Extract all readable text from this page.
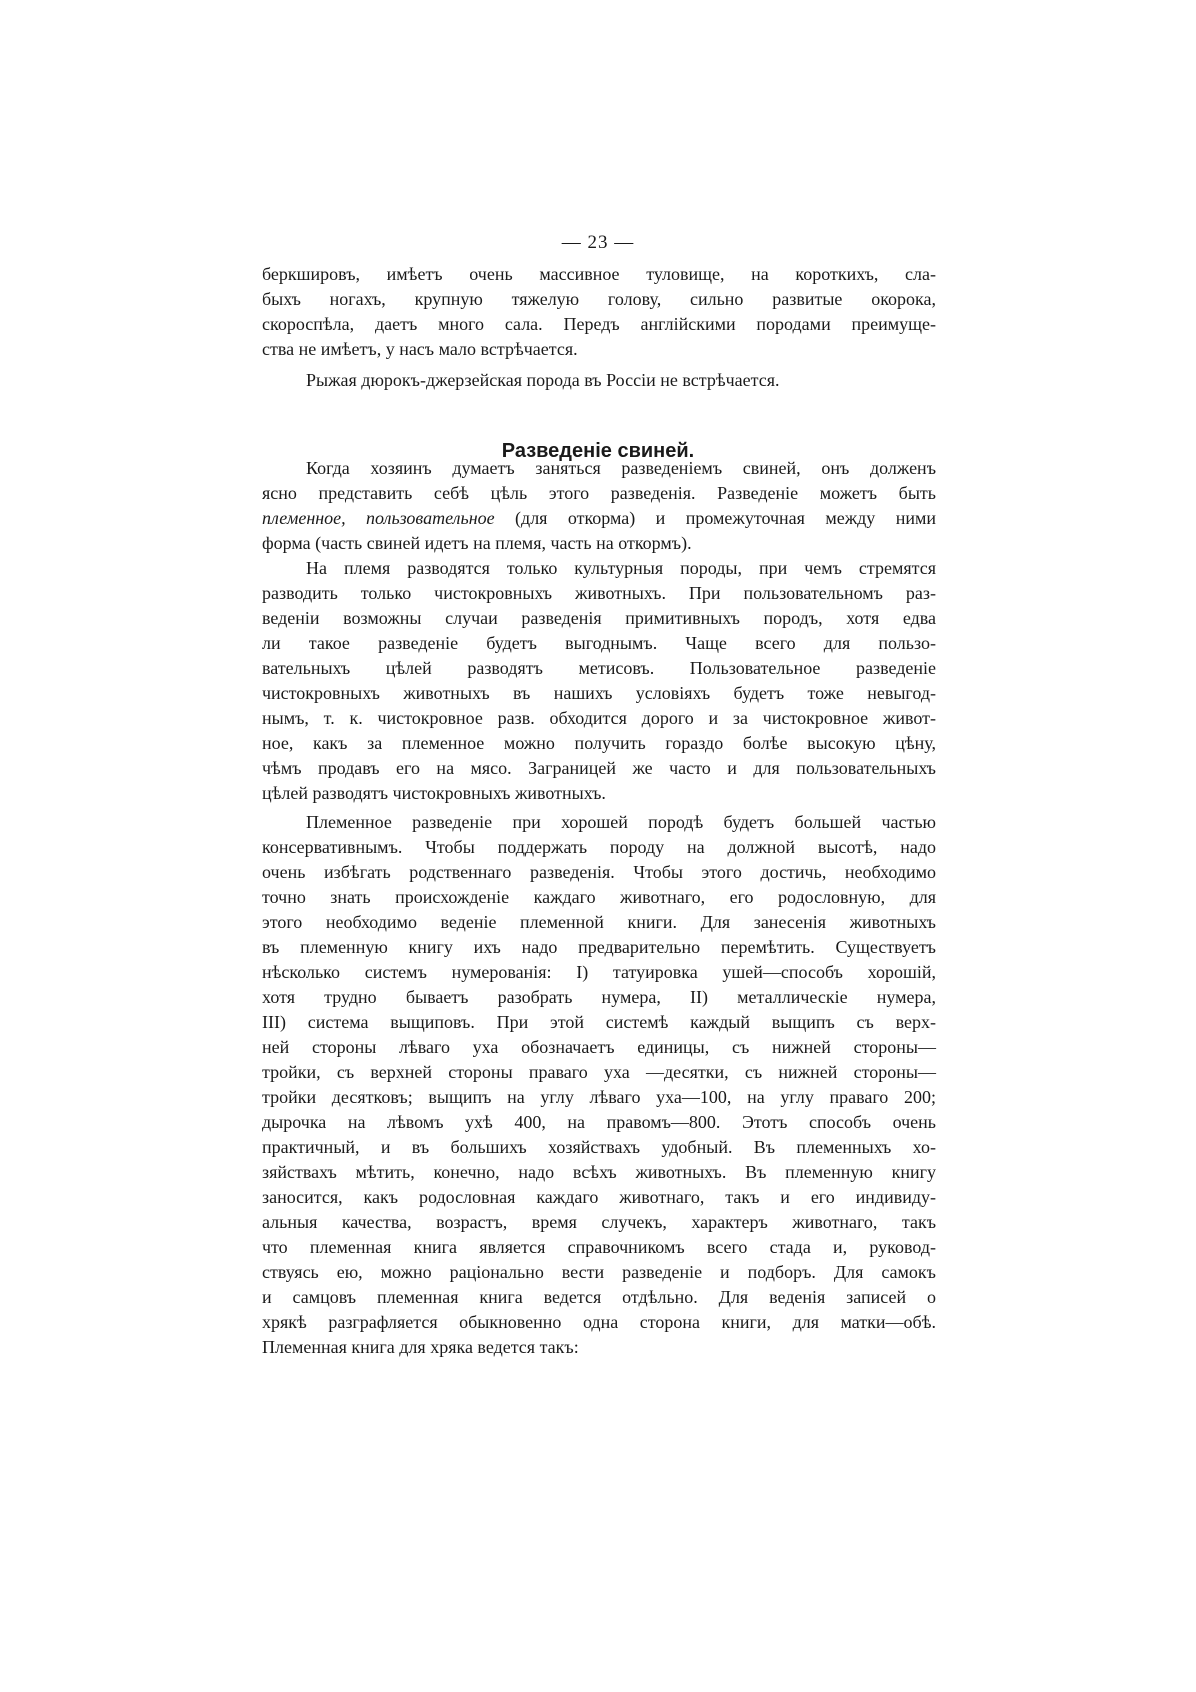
— 23 —
беркшировъ, имѣетъ очень массивное туловище, на короткихъ, сла-
быхъ ногахъ, крупную тяжелую голову, сильно развитые окорока,
скороспѣла, даетъ много сала. Передъ англійскими породами преимуще-
ства не имѣетъ, у насъ мало встрѣчается.
Рыжая дюрокъ-джерзейская порода въ Россіи не встрѣчается.
Разведеніе свиней.
Когда хозяинъ думаетъ заняться разведеніемъ свиней, онъ долженъ
ясно представить себѣ цѣль этого разведенія. Разведеніе можетъ быть
племенное, пользовательное (для откорма) и промежуточная между ними
форма (часть свиней идетъ на племя, часть на откормъ).
На племя разводятся только культурныя породы, при чемъ стремятся
разводить только чистокровныхъ животныхъ. При пользовательномъ раз-
веденіи возможны случаи разведенія примитивныхъ породъ, хотя едва
ли такое разведеніе будетъ выгоднымъ. Чаще всего для пользо-
вательныхъ цѣлей разводятъ метисовъ. Пользовательное разведеніе
чистокровныхъ животныхъ въ нашихъ условіяхъ будетъ тоже невыгод-
нымъ, т. к. чистокровное разв. обходится дорого и за чистокровное живот-
ное, какъ за племенное можно получить гораздо болѣе высокую цѣну,
чѣмъ продавъ его на мясо. Заграницей же часто и для пользовательныхъ
цѣлей разводятъ чистокровныхъ животныхъ.
Племенное разведеніе при хорошей породѣ будетъ большей частью
консервативнымъ. Чтобы поддержать породу на должной высотѣ, надо
очень избѣгать родственнаго разведенія. Чтобы этого достичь, необходимо
точно знать происхожденіе каждаго животнаго, его родословную, для
этого необходимо веденіе племенной книги. Для занесенія животныхъ
въ племенную книгу ихъ надо предварительно перемѣтить. Существуетъ
нѣсколько системъ нумерованія: I) татуировка ушей—способъ хорошій,
хотя трудно бываетъ разобрать нумера, II) металлическіе нумера,
III) система выщиповъ. При этой системѣ каждый выщипъ съ верх-
ней стороны лѣваго уха обозначаетъ единицы, съ нижней стороны—
тройки, съ верхней стороны праваго уха —десятки, съ нижней стороны—
тройки десятковъ; выщипъ на углу лѣваго уха—100, на углу праваго 200;
дырочка на лѣвомъ ухѣ 400, на правомъ—800. Этотъ способъ очень
практичный, и въ большихъ хозяйствахъ удобный. Въ племенныхъ хо-
зяйствахъ мѣтить, конечно, надо всѣхъ животныхъ. Въ племенную книгу
заносится, какъ родословная каждаго животнаго, такъ и его индивиду-
альныя качества, возрастъ, время случекъ, характеръ животнаго, такъ
что племенная книга является справочникомъ всего стада и, руковод-
ствуясь ею, можно раціонально вести разведеніе и подборъ. Для самокъ
и самцовъ племенная книга ведется отдѣльно. Для веденія записей о
хрякѣ разграфляется обыкновенно одна сторона книги, для матки—обѣ.
Племенная книга для хряка ведется такъ:
